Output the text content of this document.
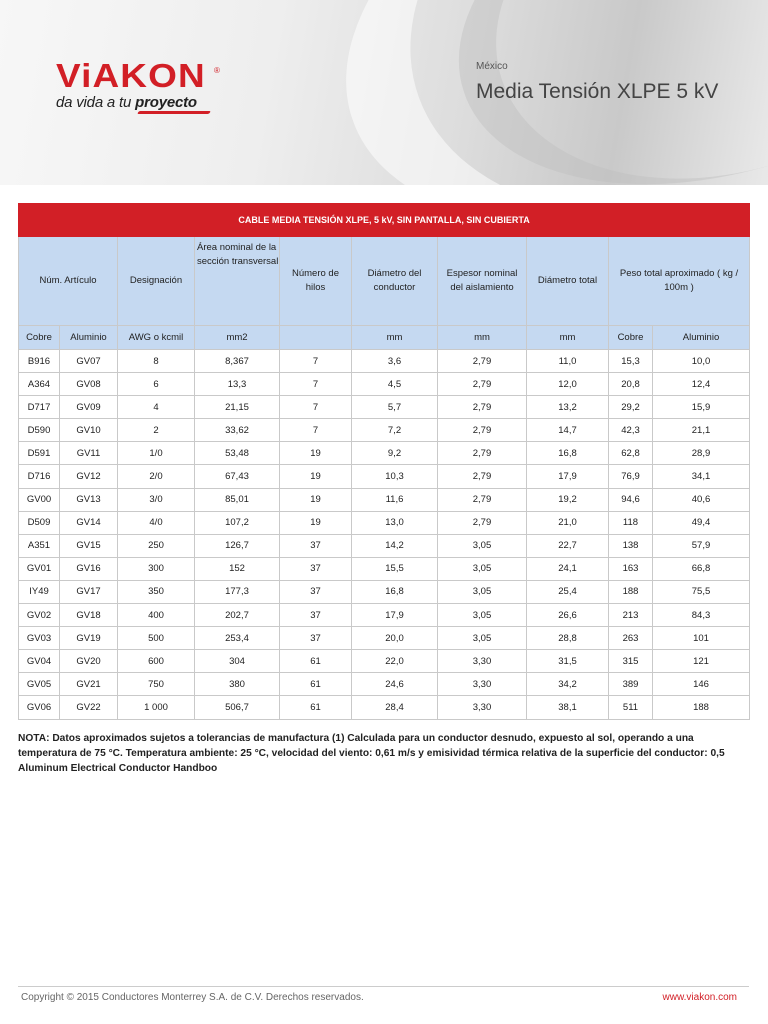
ViAKON	®
da vida a tu proyecto
México
Media Tensión XLPE 5 kV
CABLE MEDIA TENSIÓN XLPE, 5 kV, SIN PANTALLA, SIN CUBIERTA									
Núm. Artículo		Designación	Área nominal de la sección transversal	Número de hilos	Diámetro del conductor	Espesor nominal del aislamiento	Diámetro total	Peso total aproximado ( kg / 100m )	
Cobre	Aluminio	AWG o kcmil	mm2		mm	mm	mm	Cobre	Aluminio
B916	GV07	8	8,367	7	3,6	2,79	11,0	15,3	10,0
A364	GV08	6	13,3	7	4,5	2,79	12,0	20,8	12,4
D717	GV09	4	21,15	7	5,7	2,79	13,2	29,2	15,9
D590	GV10	2	33,62	7	7,2	2,79	14,7	42,3	21,1
D591	GV11	1/0	53,48	19	9,2	2,79	16,8	62,8	28,9
D716	GV12	2/0	67,43	19	10,3	2,79	17,9	76,9	34,1
GV00	GV13	3/0	85,01	19	11,6	2,79	19,2	94,6	40,6
D509	GV14	4/0	107,2	19	13,0	2,79	21,0	118	49,4
A351	GV15	250	126,7	37	14,2	3,05	22,7	138	57,9
GV01	GV16	300	152	37	15,5	3,05	24,1	163	66,8
IY49	GV17	350	177,3	37	16,8	3,05	25,4	188	75,5
GV02	GV18	400	202,7	37	17,9	3,05	26,6	213	84,3
GV03	GV19	500	253,4	37	20,0	3,05	28,8	263	101
GV04	GV20	600	304	61	22,0	3,30	31,5	315	121
GV05	GV21	750	380	61	24,6	3,30	34,2	389	146
GV06	GV22	1 000	506,7	61	28,4	3,30	38,1	511	188
NOTA: Datos aproximados sujetos a tolerancias de manufactura (1) Calculada para un conductor desnudo, expuesto al sol, operando a una temperatura de 75 °C. Temperatura ambiente: 25 °C, velocidad del viento: 0,61 m/s y emisividad térmica relativa de la superficie del conductor: 0,5 Aluminum Electrical Conductor Handboo
Copyright © 2015 Conductores Monterrey S.A. de C.V. Derechos reservados.	www.viakon.com
